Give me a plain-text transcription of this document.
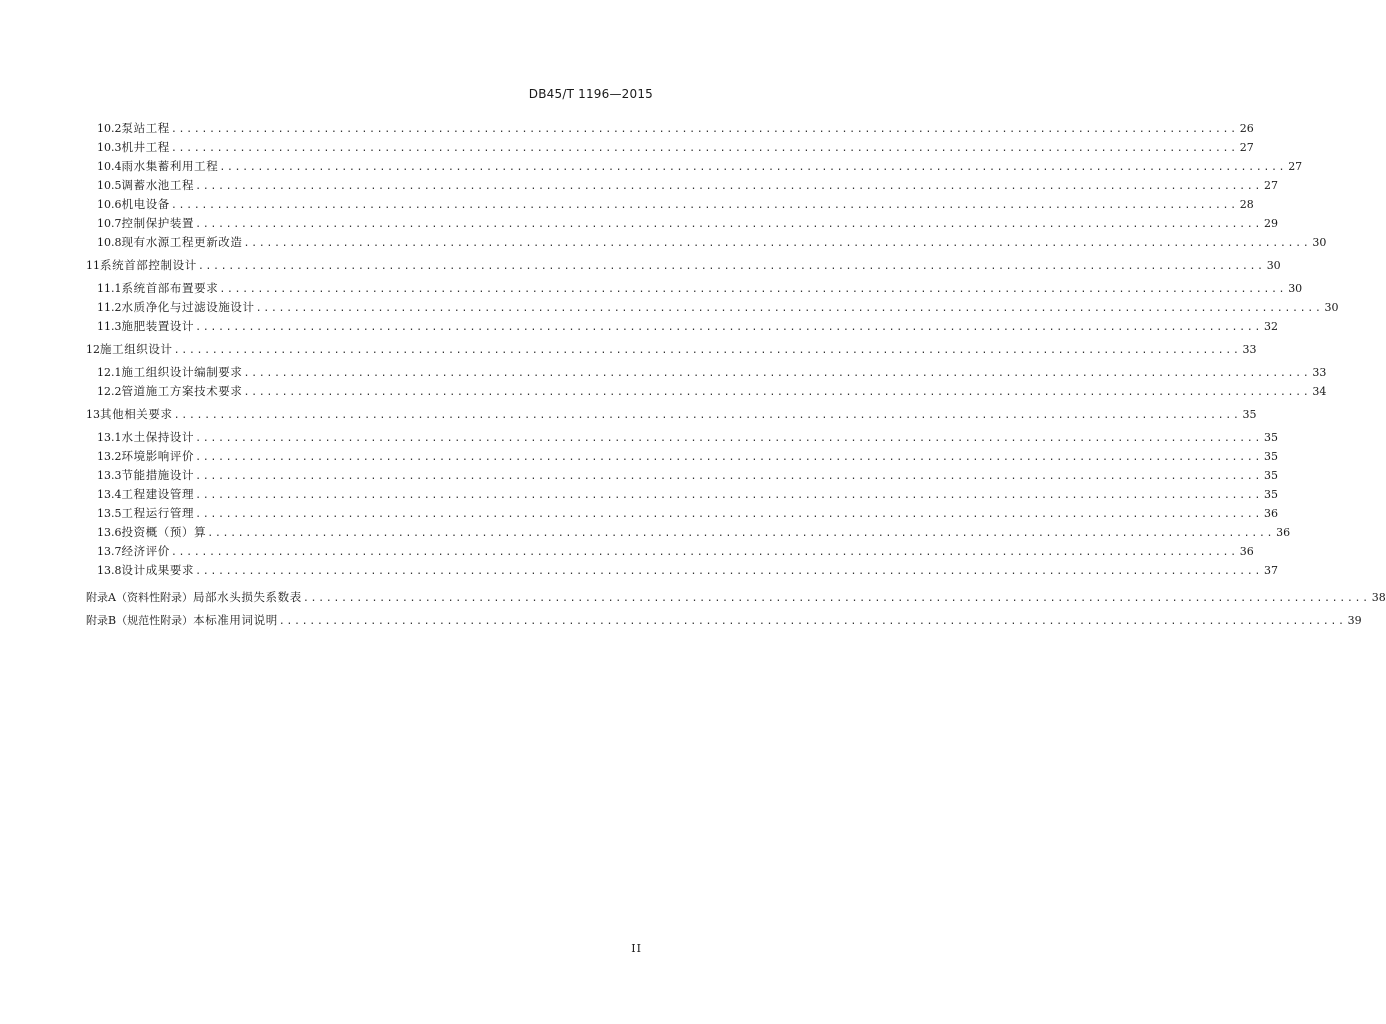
DB45/T 1196—2015
10.2 泵站工程 ............................................................................................................................................ 26
10.3 机井工程 ............................................................................................................................................ 27
10.4 雨水集蓄利用工程 ............................................................................................................................................ 27
10.5 调蓄水池工程 ............................................................................................................................................ 27
10.6 机电设备 ............................................................................................................................................ 28
10.7 控制保护装置 ............................................................................................................................................ 29
10.8 现有水源工程更新改造 ............................................................................................................................................ 30
11 系统首部控制设计 ............................................................................................................................................ 30
11.1 系统首部布置要求 ............................................................................................................................................ 30
11.2 水质净化与过滤设施设计 ............................................................................................................................................ 30
11.3 施肥装置设计 ............................................................................................................................................ 32
12 施工组织设计 ............................................................................................................................................ 33
12.1 施工组织设计编制要求 ............................................................................................................................................ 33
12.2 管道施工方案技术要求 ............................................................................................................................................ 34
13 其他相关要求 ............................................................................................................................................ 35
13.1 水土保持设计 ............................................................................................................................................ 35
13.2 环境影响评价 ............................................................................................................................................ 35
13.3 节能措施设计 ............................................................................................................................................ 35
13.4 工程建设管理 ............................................................................................................................................ 35
13.5 工程运行管理 ............................................................................................................................................ 36
13.6 投资概（预）算 ............................................................................................................................................ 36
13.7 经济评价 ............................................................................................................................................ 36
13.8 设计成果要求 ............................................................................................................................................ 37
附录A（资料性附录） 局部水头损失系数表 ............................................................................................................................................ 38
附录B（规范性附录） 本标准用词说明 ............................................................................................................................................ 39
II
